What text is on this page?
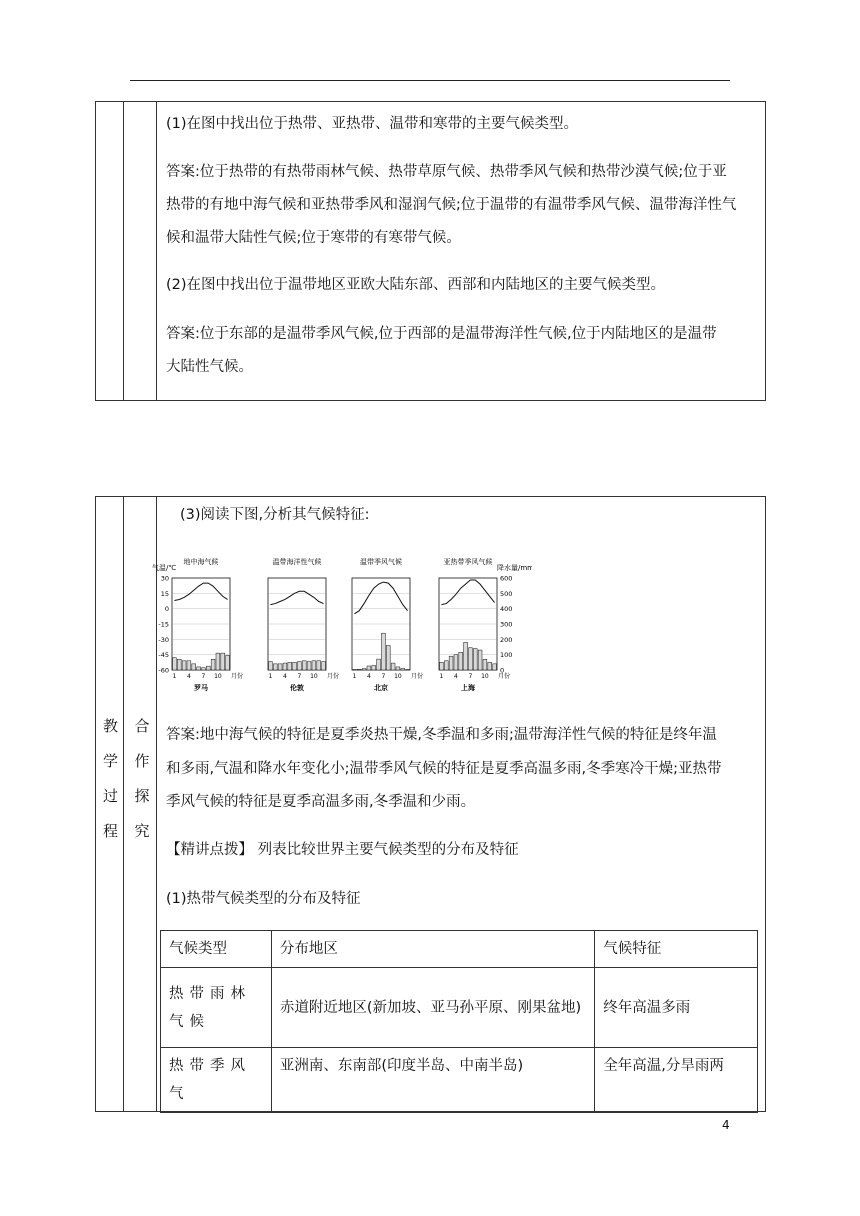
(1)在图中找出位于热带、亚热带、温带和寒带的主要气候类型。

答案:位于热带的有热带雨林气候、热带草原气候、热带季风气候和热带沙漠气候;位于亚

热带的有地中海气候和亚热带季风和湿润气候;位于温带的有温带季风气候、温带海洋性气

候和温带大陆性气候;位于寒带的有寒带气候。

(2)在图中找出位于温带地区亚欧大陆东部、西部和内陆地区的主要气候类型。

答案:位于东部的是温带季风气候,位于西部的是温带海洋性气候,位于内陆地区的是温带

大陆性气候。

教
学
过
程
合
作
探
究

(3)阅读下图,分析其气候特征:

答案:地中海气候的特征是夏季炎热干燥,冬季温和多雨;温带海洋性气候的特征是终年温

和多雨,气温和降水年变化小;温带季风气候的特征是夏季高温多雨,冬季寒冷干燥;亚热带

季风气候的特征是夏季高温多雨,冬季温和少雨。

【精讲点拨】 列表比较世界主要气候类型的分布及特征

(1)热带气候类型的分布及特征

气候类型	分布地区	气候特征
热带雨林气候	赤道附近地区(新加坡、亚马孙平原、刚果盆地)	终年高温多雨
热带季风气	亚洲南、东南部(印度半岛、中南半岛)	全年高温,分旱雨两
气温/℃
30
15
0
-15
-30
-45
-60
降水量/mm
600
500
400
300
200
100
0
地中海气候
1 4 7 10 月份
罗马
温带海洋性气候
1 4 7 10 月份
伦敦
温带季风气候
1 4 7 10 月份
北京
亚热带季风气候
1 4 7 10 月份
上海
4
